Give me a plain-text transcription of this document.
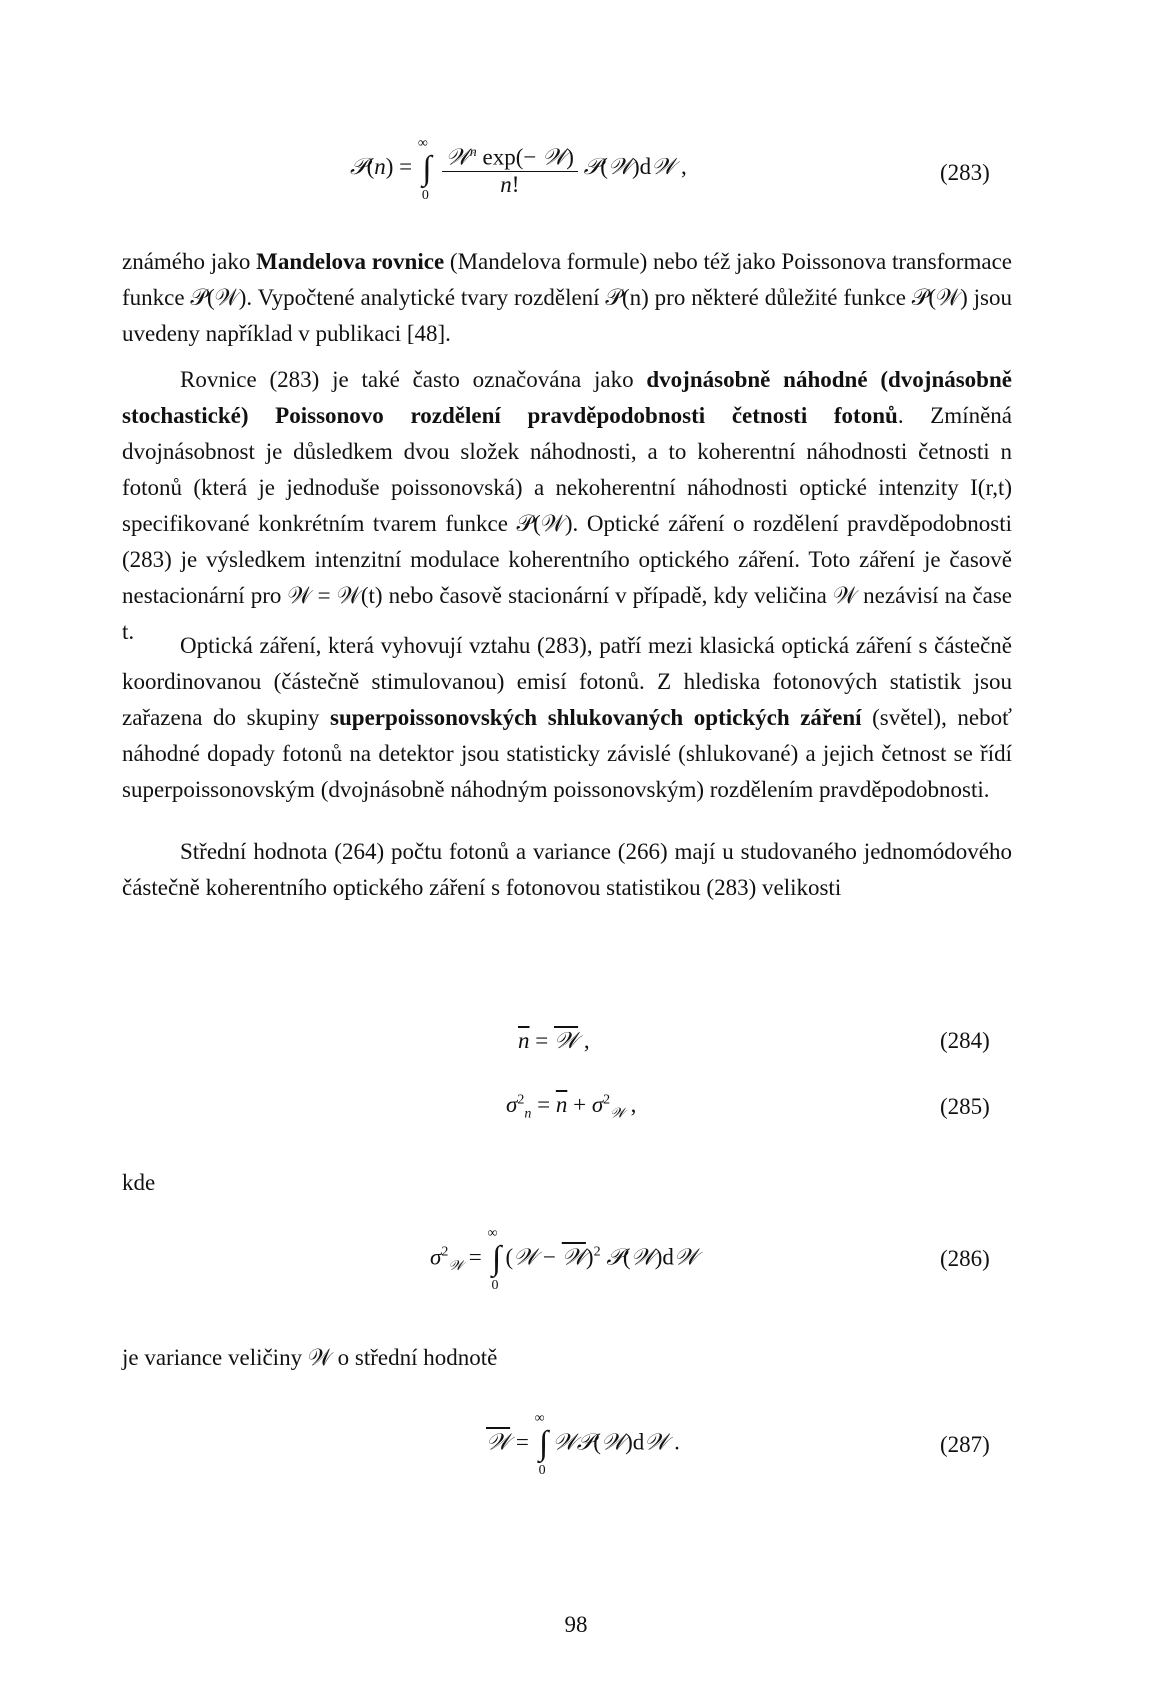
𝒫(n) =
∞
∫
0
$\frac{𝒲^n \exp(- 𝒲)}{n!}$ 𝒫(𝒲)d𝒲 ,	(283)
známého jako Mandelova rovnice (Mandelova formule) nebo též jako Poissonova transformace funkce 𝒫(𝒲). Vypočtené analytické tvary rozdělení 𝒫(n) pro některé důležité funkce 𝒫(𝒲) jsou uvedeny například v publikaci [48].
Rovnice (283) je také často označována jako dvojnásobně náhodné (dvojnásobně stochastické) Poissonovo rozdělení pravděpodobnosti četnosti fotonů. Zmíněná dvojnásobnost je důsledkem dvou složek náhodnosti, a to koherentní náhodnosti četnosti n fotonů (která je jednoduše poissonovská) a nekoherentní náhodnosti optické intenzity I(r,t) specifikované konkrétním tvarem funkce 𝒫(𝒲). Optické záření o rozdělení pravděpodobnosti (283) je výsledkem intenzitní modulace koherentního optického záření. Toto záření je časově nestacionární pro 𝒲 = 𝒲(t) nebo časově stacionární v případě, kdy veličina 𝒲 nezávisí na čase t.
Optická záření, která vyhovují vztahu (283), patří mezi klasická optická záření s částečně koordinovanou (částečně stimulovanou) emisí fotonů. Z hlediska fotonových statistik jsou zařazena do skupiny superpoissonovských shlukovaných optických záření (světel), neboť náhodné dopady fotonů na detektor jsou statisticky závislé (shlukované) a jejich četnost se řídí superpoissonovským (dvojnásobně náhodným poissonovským) rozdělením pravděpodobnosti.
Střední hodnota (264) počtu fotonů a variance (266) mají u studovaného jednomódového částečně koherentního optického záření s fotonovou statistikou (283) velikosti
$\overline{n}$ = 𝒲 ,	(284)
$\sigma^2_n = \overline{n} + \sigma^2_𝒲$ ,	(285)
kde
$\sigma^2_𝒲$ =
∞
∫
0
(𝒲 − 𝒲)$^2$ 𝒫(𝒲)d𝒲	(286)
je variance veličiny 𝒲 o střední hodnotě
𝒲 =
∞
∫
0
𝒲𝒫(𝒲)d𝒲 .	(287)
98
